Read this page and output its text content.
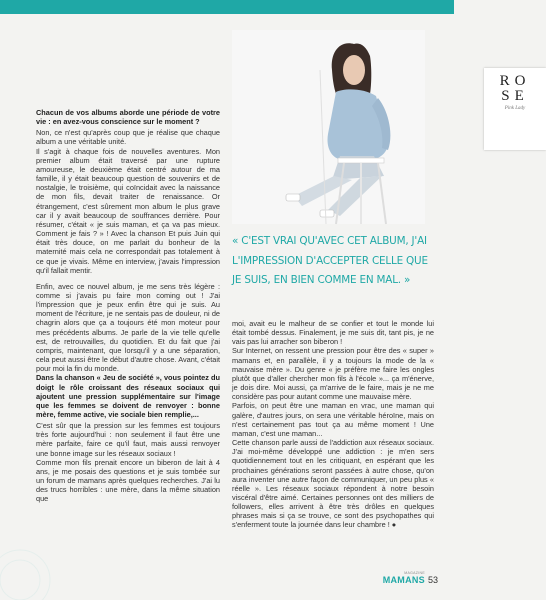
Chacun de vos albums aborde une période de votre vie : en avez-vous conscience sur le moment ?

Non, ce n'est qu'après coup que je réalise que chaque album a une véritable unité.

Il s'agit à chaque fois de nouvelles aventures. Mon premier album était traversé par une rupture amoureuse, le deuxième était centré autour de ma famille, il y était beaucoup question de souvenirs et de nostalgie, le troisième, qui coïncidait avec la naissance de mon fils, devait traiter de renaissance. Or étrangement, c'est sûrement mon album le plus grave car il y avait beaucoup de souffrances derrière. Pour résumer, c'était « je suis maman, et ça va pas mieux. Comment je fais ? » ! Avec la chanson Et puis Juin qui était très douce, on me parlait du bonheur de la maternité mais cela ne correspondait pas totalement à ce que je vivais. Même en interview, j'avais l'impression qu'il fallait mentir.

Enfin, avec ce nouvel album, je me sens très légère : comme si j'avais pu faire mon coming out ! J'ai l'impression que je peux enfin être qui je suis. Au moment de l'écriture, je ne sentais pas de douleur, ni de chagrin alors que ça a toujours été mon moteur pour mes précédents albums. Je parle de la vie telle qu'elle est, de retrouvailles, du quotidien. Et du fait que j'ai compris, maintenant, que lorsqu'il y a une séparation, cela peut aussi être le début d'autre chose. Avant, c'était pour moi la fin du monde.

Dans la chanson « Jeu de société », vous pointez du doigt le rôle croissant des réseaux sociaux qui ajoutent une pression supplémentaire sur l'image que les femmes se doivent de renvoyer : bonne mère, femme active, vie sociale bien remplie,...

C'est sûr que la pression sur les femmes est toujours très forte aujourd'hui : non seulement il faut être une mère parfaite, faire ce qu'il faut, mais aussi renvoyer une bonne image sur les réseaux sociaux !

Comme mon fils prenait encore un biberon de lait à 4 ans, je me posais des questions et je suis tombée sur un forum de mamans après quelques recherches. J'ai lu des trucs horribles : une mère, dans la même situation que

RO
SE
Pink Lady
« C'EST VRAI QU'AVEC CET ALBUM, J'AI L'IMPRESSION D'ACCEPTER CELLE QUE JE SUIS, EN BIEN COMME EN MAL. »

moi, avait eu le malheur de se confier et tout le monde lui était tombé dessus. Finalement, je me suis dit, tant pis, je ne vais pas lui arracher son biberon !

Sur Internet, on ressent une pression pour être des « super » mamans et, en parallèle, il y a toujours la mode de la « mauvaise mère ». Du genre « je préfère me faire les ongles plutôt que d'aller chercher mon fils à l'école »... ça m'énerve, je dois dire. Moi aussi, ça m'arrive de le faire, mais je ne me considère pas pour autant comme une mauvaise mère.

Parfois, on peut être une maman en vrac, une maman qui galère, d'autres jours, on sera une véritable héroïne, mais on n'est certainement pas tout ça au même moment ! Une maman, c'est une maman...

Cette chanson parle aussi de l'addiction aux réseaux sociaux. J'ai moi-même développé une addiction : je m'en sers quotidiennement tout en les critiquant, en espérant que les prochaines générations seront passées à autre chose, qu'on aura inventer une autre façon de communiquer, un peu plus « réelle ». Les réseaux sociaux répondent à notre besoin viscéral d'être aimé. Certaines personnes ont des milliers de followers, elles arrivent à être très drôles en quelques phrases mais si ça se trouve, ce sont des psychopathes qui s'enferment toute la journée dans leur chambre ! ●

MAGAZINE
MAMANS 53
